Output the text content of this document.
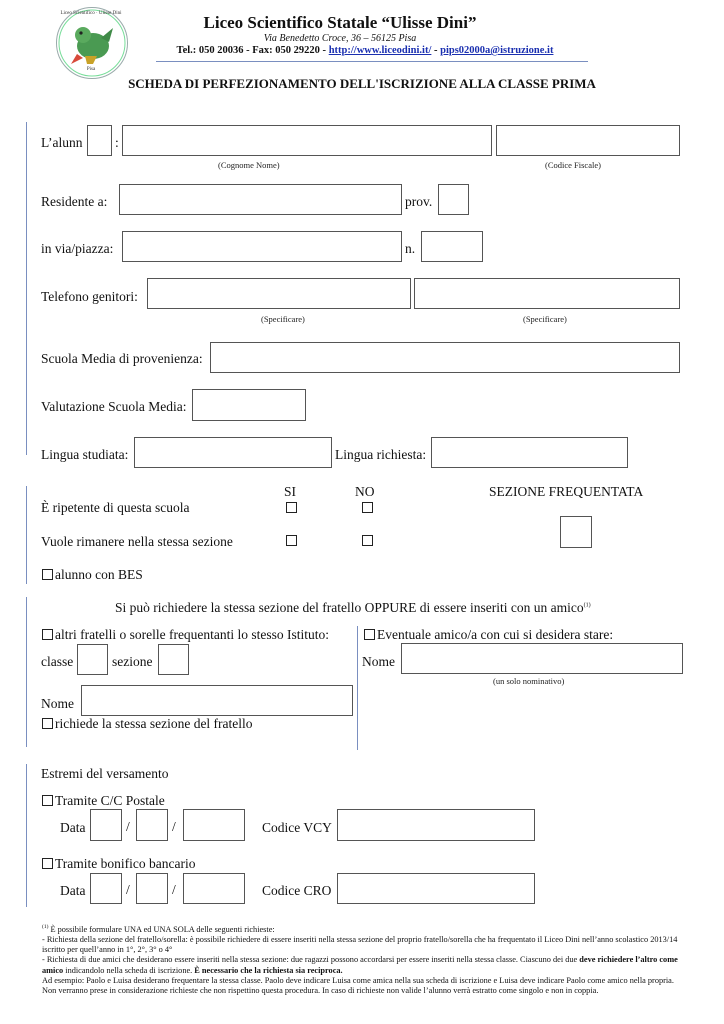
Liceo Scientifico · Ulisse Dini
Pisa
Liceo Scientifico Statale “Ulisse Dini”
Via Benedetto Croce, 36 – 56125 Pisa
Tel.: 050 20036 - Fax: 050 29220 - http://www.liceodini.it/ - pips02000a@istruzione.it
SCHEDA DI PERFEZIONAMENTO DELL'ISCRIZIONE ALLA CLASSE PRIMA
L’alunn :
(Cognome Nome)	(Codice Fiscale)
Residente a:	prov.
in via/piazza:	n.
Telefono genitori:
(Specificare)	(Specificare)
Scuola Media di provenienza:
Valutazione Scuola Media:
Lingua studiata:	Lingua richiesta:
SI	NO	SEZIONE FREQUENTATA
È ripetente di questa scuola
Vuole rimanere nella stessa sezione
alunno con BES
Si può richiedere la stessa sezione del fratello OPPURE di essere inseriti con un amico$^{(1)}$
altri fratelli o sorelle frequentanti lo stesso Istituto:
classe	sezione
Nome
richiede la stessa sezione del fratello
Eventuale amico/a con cui si desidera stare:
Nome
(un solo nominativo)
Estremi del versamento
Tramite C/C Postale
Data	/	/	Codice VCY
Tramite bonifico bancario
Data	/	/	Codice CRO

$^{(1)}$ È possibile formulare UNA ed UNA SOLA delle seguenti richieste:

- Richiesta della sezione del fratello/sorella: è possibile richiedere di essere inseriti nella stessa sezione del proprio fratello/sorella che ha frequentato il Liceo Dini nell’anno scolastico 2013/14 iscritto per quell’anno in 1°, 2°, 3° o 4°

- Richiesta di due amici che desiderano essere inseriti nella stessa sezione: due ragazzi possono accordarsi per essere inseriti nella stessa classe. Ciascuno dei due deve richiedere l’altro come amico indicandolo nella scheda di iscrizione. È necessario che la richiesta sia reciproca.

Ad esempio: Paolo e Luisa desiderano frequentare la stessa classe. Paolo deve indicare Luisa come amica nella sua scheda di iscrizione e Luisa deve indicare Paolo come amico nella propria. Non verranno prese in considerazione richieste che non rispettino questa procedura. In caso di richieste non valide l’alunno verrà estratto come singolo e non in coppia.
